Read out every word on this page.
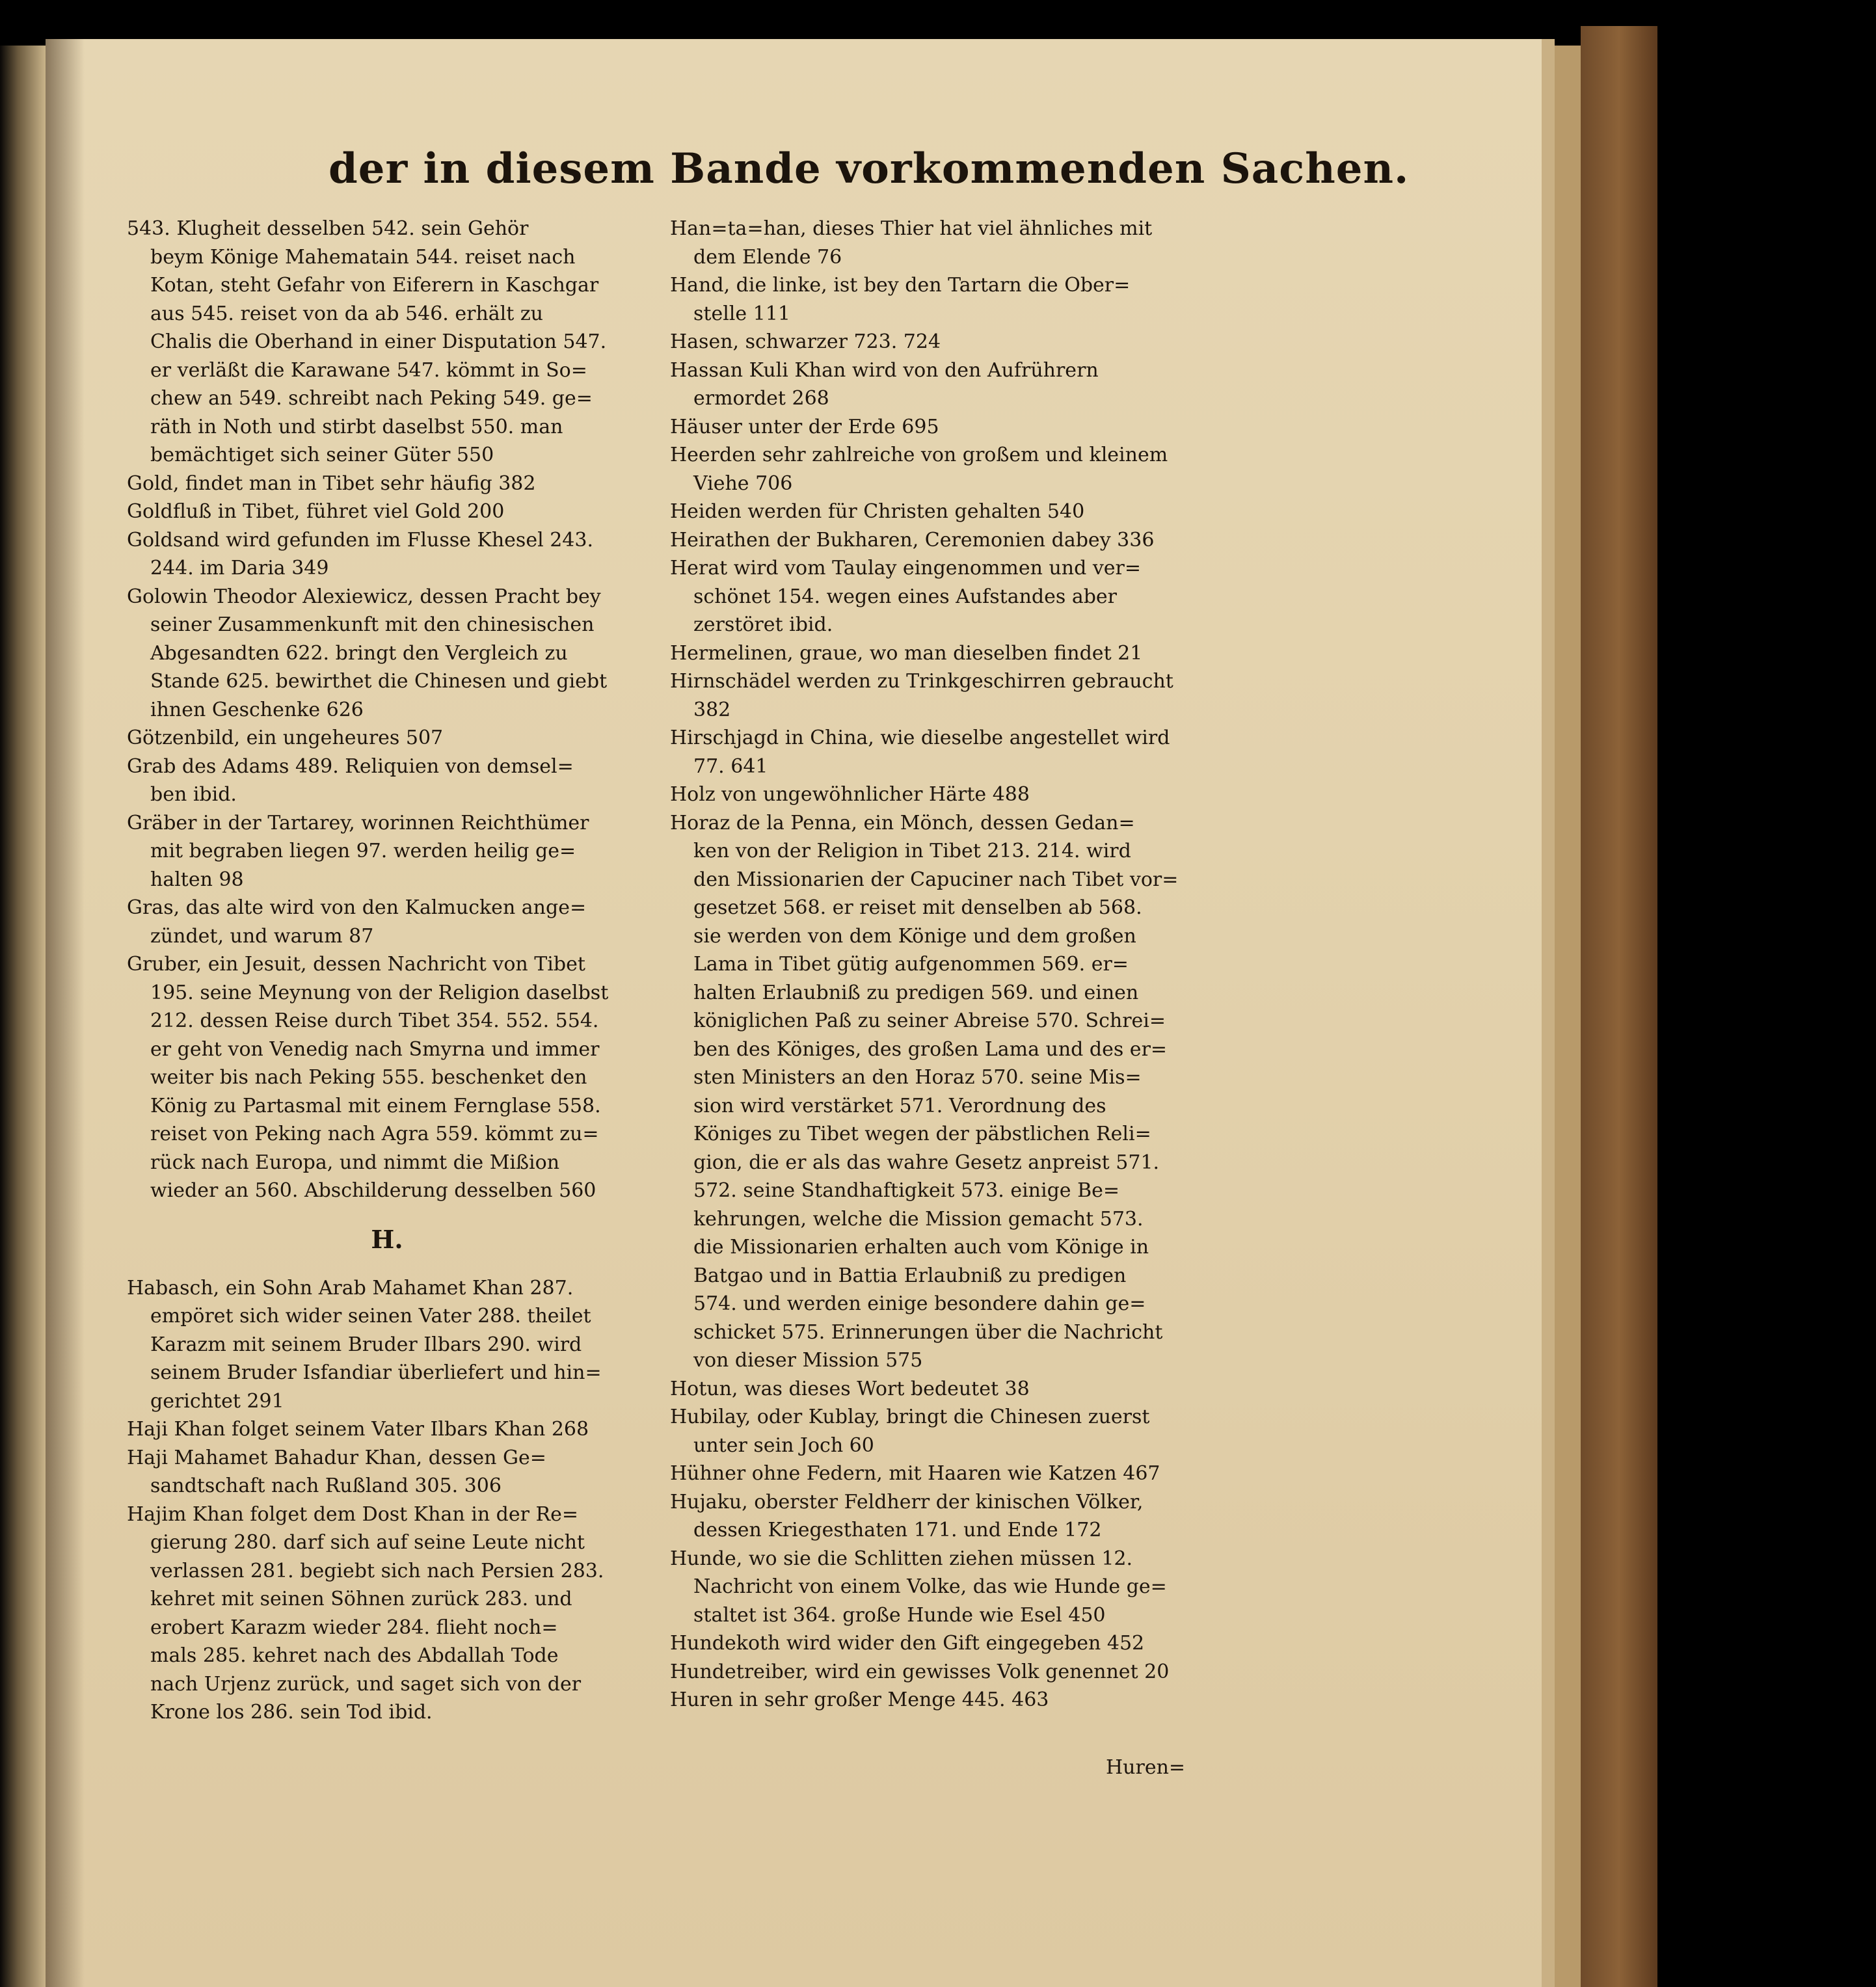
der in diesem Bande vorkommenden Sachen.
543. Klugheit desselben 542. sein Gehör
beym Könige Mahematain 544. reiset nach
Kotan, steht Gefahr von Eiferern in Kaschgar
aus 545. reiset von da ab 546. erhält zu
Chalis die Oberhand in einer Disputation 547.
er verläßt die Karawane 547. kömmt in So=
chew an 549. schreibt nach Peking 549. ge=
räth in Noth und stirbt daselbst 550. man
bemächtiget sich seiner Güter 550
Gold, findet man in Tibet sehr häufig 382
Goldfluß in Tibet, führet viel Gold 200
Goldsand wird gefunden im Flusse Khesel 243.
244. im Daria 349
Golowin Theodor Alexiewicz, dessen Pracht bey
seiner Zusammenkunft mit den chinesischen
Abgesandten 622. bringt den Vergleich zu
Stande 625. bewirthet die Chinesen und giebt
ihnen Geschenke 626
Götzenbild, ein ungeheures 507
Grab des Adams 489. Reliquien von demsel=
ben ibid.
Gräber in der Tartarey, worinnen Reichthümer
mit begraben liegen 97. werden heilig ge=
halten 98
Gras, das alte wird von den Kalmucken ange=
zündet, und warum 87
Gruber, ein Jesuit, dessen Nachricht von Tibet
195. seine Meynung von der Religion daselbst
212. dessen Reise durch Tibet 354. 552. 554.
er geht von Venedig nach Smyrna und immer
weiter bis nach Peking 555. beschenket den
König zu Partasmal mit einem Fernglase 558.
reiset von Peking nach Agra 559. kömmt zu=
rück nach Europa, und nimmt die Mißion
wieder an 560. Abschilderung desselben 560
H.
Habasch, ein Sohn Arab Mahamet Khan 287.
empöret sich wider seinen Vater 288. theilet
Karazm mit seinem Bruder Ilbars 290. wird
seinem Bruder Isfandiar überliefert und hin=
gerichtet 291
Haji Khan folget seinem Vater Ilbars Khan 268
Haji Mahamet Bahadur Khan, dessen Ge=
sandtschaft nach Rußland 305. 306
Hajim Khan folget dem Dost Khan in der Re=
gierung 280. darf sich auf seine Leute nicht
verlassen 281. begiebt sich nach Persien 283.
kehret mit seinen Söhnen zurück 283. und
erobert Karazm wieder 284. flieht noch=
mals 285. kehret nach des Abdallah Tode
nach Urjenz zurück, und saget sich von der
Krone los 286. sein Tod ibid.
Han=ta=han, dieses Thier hat viel ähnliches mit
dem Elende 76
Hand, die linke, ist bey den Tartarn die Ober=
stelle 111
Hasen, schwarzer 723. 724
Hassan Kuli Khan wird von den Aufrührern
ermordet 268
Häuser unter der Erde 695
Heerden sehr zahlreiche von großem und kleinem
Viehe 706
Heiden werden für Christen gehalten 540
Heirathen der Bukharen, Ceremonien dabey 336
Herat wird vom Taulay eingenommen und ver=
schönet 154. wegen eines Aufstandes aber
zerstöret ibid.
Hermelinen, graue, wo man dieselben findet 21
Hirnschädel werden zu Trinkgeschirren gebraucht
382
Hirschjagd in China, wie dieselbe angestellet wird
77. 641
Holz von ungewöhnlicher Härte 488
Horaz de la Penna, ein Mönch, dessen Gedan=
ken von der Religion in Tibet 213. 214. wird
den Missionarien der Capuciner nach Tibet vor=
gesetzet 568. er reiset mit denselben ab 568.
sie werden von dem Könige und dem großen
Lama in Tibet gütig aufgenommen 569. er=
halten Erlaubniß zu predigen 569. und einen
königlichen Paß zu seiner Abreise 570. Schrei=
ben des Königes, des großen Lama und des er=
sten Ministers an den Horaz 570. seine Mis=
sion wird verstärket 571. Verordnung des
Königes zu Tibet wegen der päbstlichen Reli=
gion, die er als das wahre Gesetz anpreist 571.
572. seine Standhaftigkeit 573. einige Be=
kehrungen, welche die Mission gemacht 573.
die Missionarien erhalten auch vom Könige in
Batgao und in Battia Erlaubniß zu predigen
574. und werden einige besondere dahin ge=
schicket 575. Erinnerungen über die Nachricht
von dieser Mission 575
Hotun, was dieses Wort bedeutet 38
Hubilay, oder Kublay, bringt die Chinesen zuerst
unter sein Joch 60
Hühner ohne Federn, mit Haaren wie Katzen 467
Hujaku, oberster Feldherr der kinischen Völker,
dessen Kriegesthaten 171. und Ende 172
Hunde, wo sie die Schlitten ziehen müssen 12.
Nachricht von einem Volke, das wie Hunde ge=
staltet ist 364. große Hunde wie Esel 450
Hundekoth wird wider den Gift eingegeben 452
Hundetreiber, wird ein gewisses Volk genennet 20
Huren in sehr großer Menge 445. 463
Huren=
